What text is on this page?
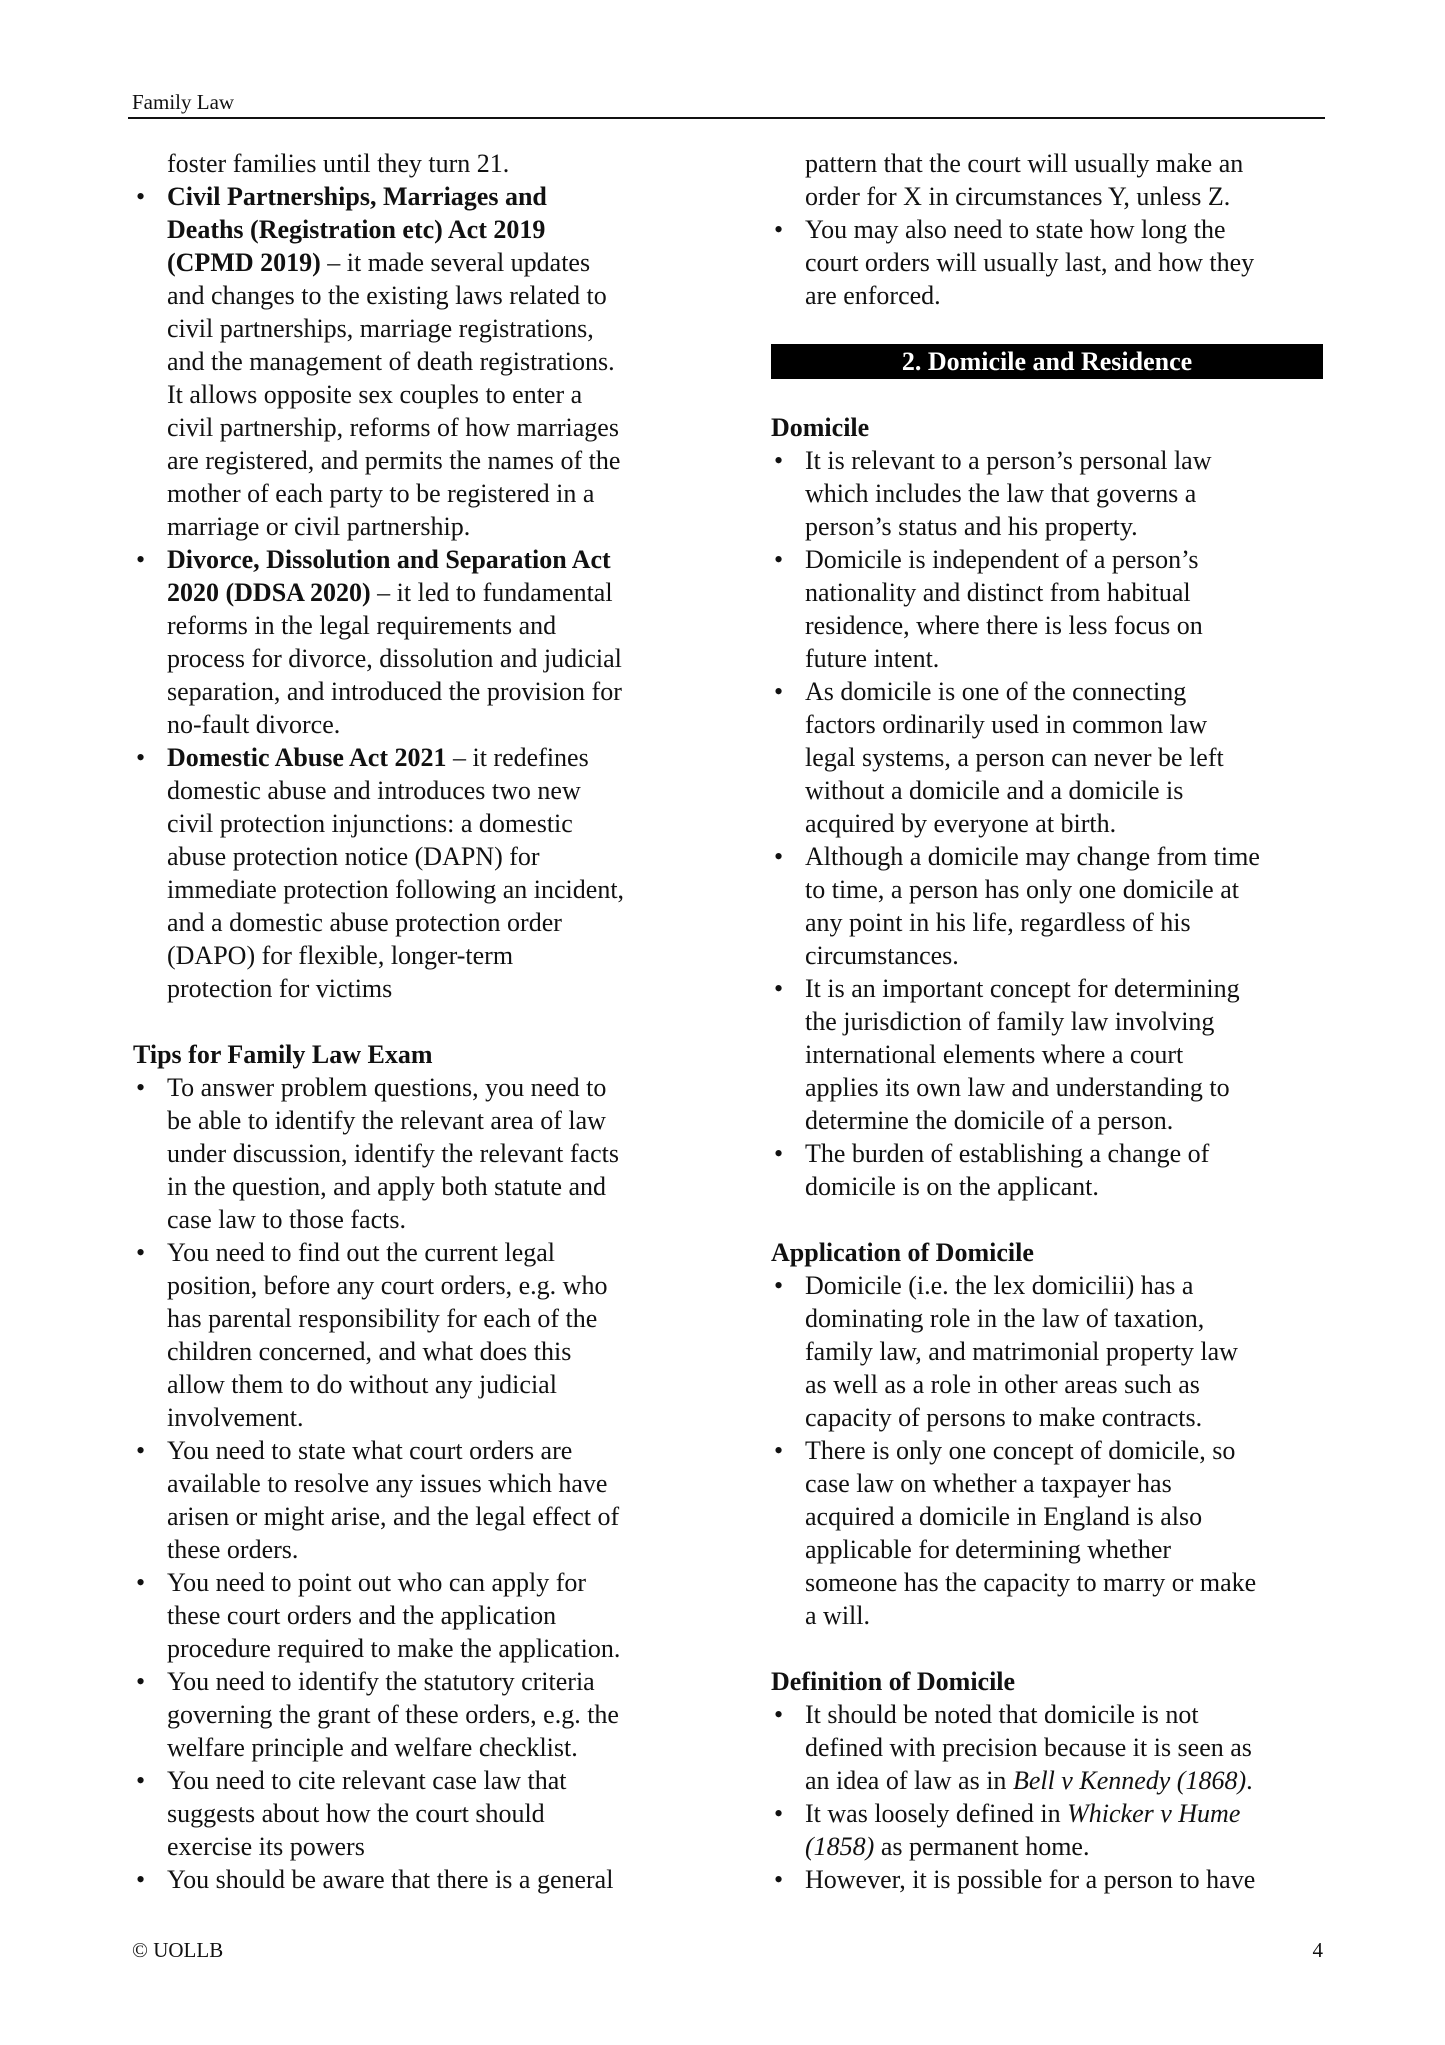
Family Law
foster families until they turn 21.
• Civil Partnerships, Marriages and
Deaths (Registration etc) Act 2019
(CPMD 2019) – it made several updates
and changes to the existing laws related to
civil partnerships, marriage registrations,
and the management of death registrations.
It allows opposite sex couples to enter a
civil partnership, reforms of how marriages
are registered, and permits the names of the
mother of each party to be registered in a
marriage or civil partnership.
• Divorce, Dissolution and Separation Act
2020 (DDSA 2020) – it led to fundamental
reforms in the legal requirements and
process for divorce, dissolution and judicial
separation, and introduced the provision for
no-fault divorce.
• Domestic Abuse Act 2021 – it redefines
domestic abuse and introduces two new
civil protection injunctions: a domestic
abuse protection notice (DAPN) for
immediate protection following an incident,
and a domestic abuse protection order
(DAPO) for flexible, longer-term
protection for victims
Tips for Family Law Exam
• To answer problem questions, you need to
be able to identify the relevant area of law
under discussion, identify the relevant facts
in the question, and apply both statute and
case law to those facts.
• You need to find out the current legal
position, before any court orders, e.g. who
has parental responsibility for each of the
children concerned, and what does this
allow them to do without any judicial
involvement.
• You need to state what court orders are
available to resolve any issues which have
arisen or might arise, and the legal effect of
these orders.
• You need to point out who can apply for
these court orders and the application
procedure required to make the application.
• You need to identify the statutory criteria
governing the grant of these orders, e.g. the
welfare principle and welfare checklist.
• You need to cite relevant case law that
suggests about how the court should
exercise its powers
• You should be aware that there is a general
pattern that the court will usually make an
order for X in circumstances Y, unless Z.
• You may also need to state how long the
court orders will usually last, and how they
are enforced.
2. Domicile and Residence
Domicile
• It is relevant to a person’s personal law
which includes the law that governs a
person’s status and his property.
• Domicile is independent of a person’s
nationality and distinct from habitual
residence, where there is less focus on
future intent.
• As domicile is one of the connecting
factors ordinarily used in common law
legal systems, a person can never be left
without a domicile and a domicile is
acquired by everyone at birth.
• Although a domicile may change from time
to time, a person has only one domicile at
any point in his life, regardless of his
circumstances.
• It is an important concept for determining
the jurisdiction of family law involving
international elements where a court
applies its own law and understanding to
determine the domicile of a person.
• The burden of establishing a change of
domicile is on the applicant.
Application of Domicile
• Domicile (i.e. the lex domicilii) has a
dominating role in the law of taxation,
family law, and matrimonial property law
as well as a role in other areas such as
capacity of persons to make contracts.
• There is only one concept of domicile, so
case law on whether a taxpayer has
acquired a domicile in England is also
applicable for determining whether
someone has the capacity to marry or make
a will.
Definition of Domicile
• It should be noted that domicile is not
defined with precision because it is seen as
an idea of law as in Bell v Kennedy (1868).
• It was loosely defined in Whicker v Hume
(1858) as permanent home.
• However, it is possible for a person to have
© UOLLB	4
